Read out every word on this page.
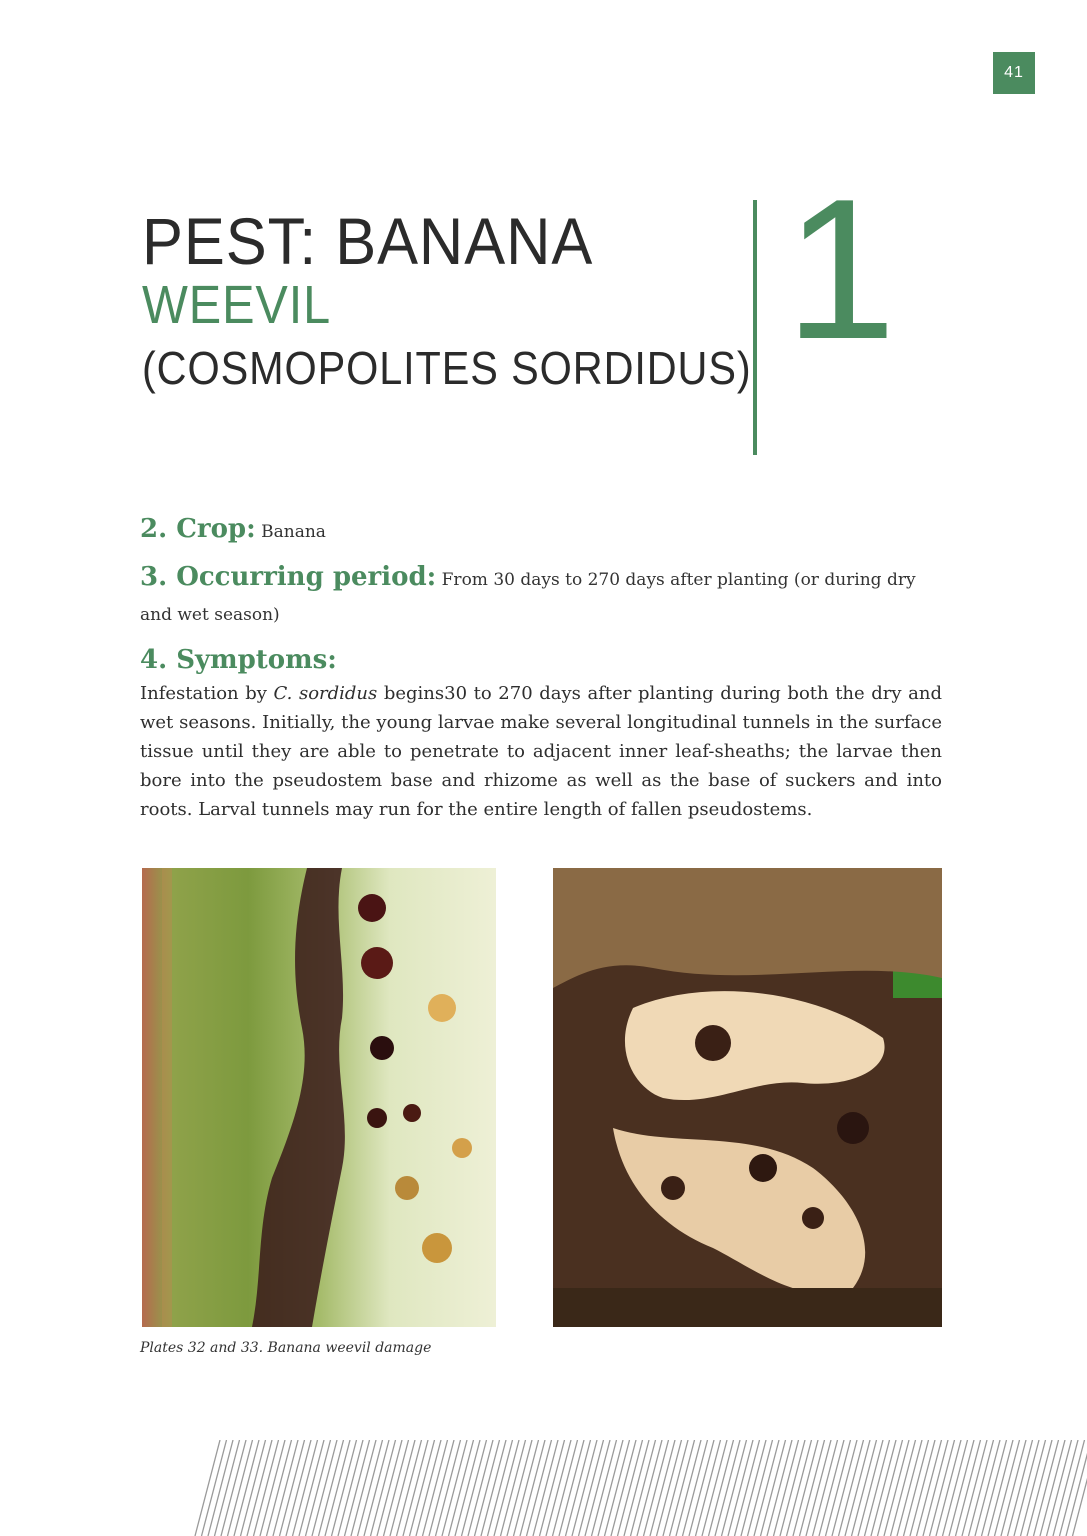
41
PEST: BANANA
WEEVIL
(COSMOPOLITES SORDIDUS) 1

2. Crop: Banana

3. Occurring period: From 30 days to 270 days after planting (or during dry and wet season)

4. Symptoms:

Infestation by C. sordidus begins30 to 270 days after planting during both the dry and wet seasons. Initially, the young larvae make several longitudinal tunnels in the surface tissue until they are able to penetrate to adjacent inner leaf-sheaths; the larvae then bore into the pseudostem base and rhizome as well as the base of suckers and into roots. Larval tunnels may run for the entire length of fallen pseudostems.

Plates 32 and 33. Banana weevil damage
